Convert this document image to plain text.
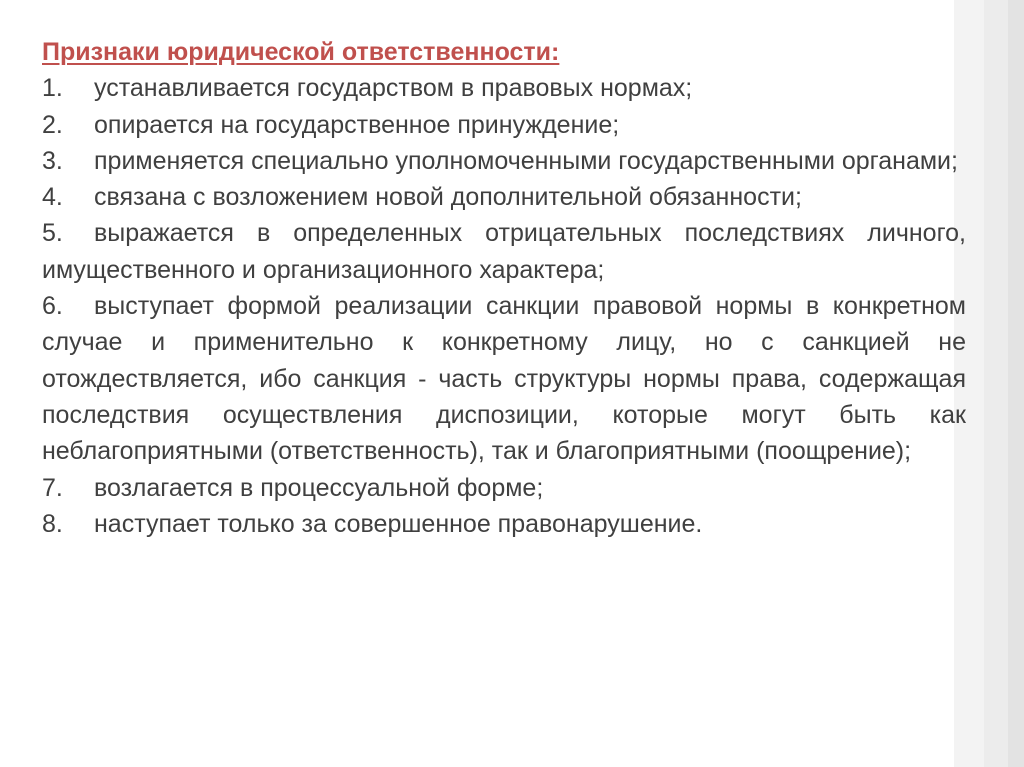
Признаки юридической ответственности:

1. устанавливается государством в правовых нормах;

2. опирается на государственное принуждение;

3. применяется специально уполномоченными государственными органами;

4. связана с возложением новой дополнительной обязанности;

5. выражается в определенных отрицательных последствиях личного, имущественного и организационного характера;

6. выступает формой реализации санкции правовой нормы в конкретном случае и применительно к конкретному лицу, но с санкцией не отождествляется, ибо санкция - часть структуры нормы права, содержащая последствия осуществления диспозиции, которые могут быть как неблагоприятными (ответственность), так и благоприятными (поощрение);

7. возлагается в процессуальной форме;

8. наступает только за совершенное правонарушение.
